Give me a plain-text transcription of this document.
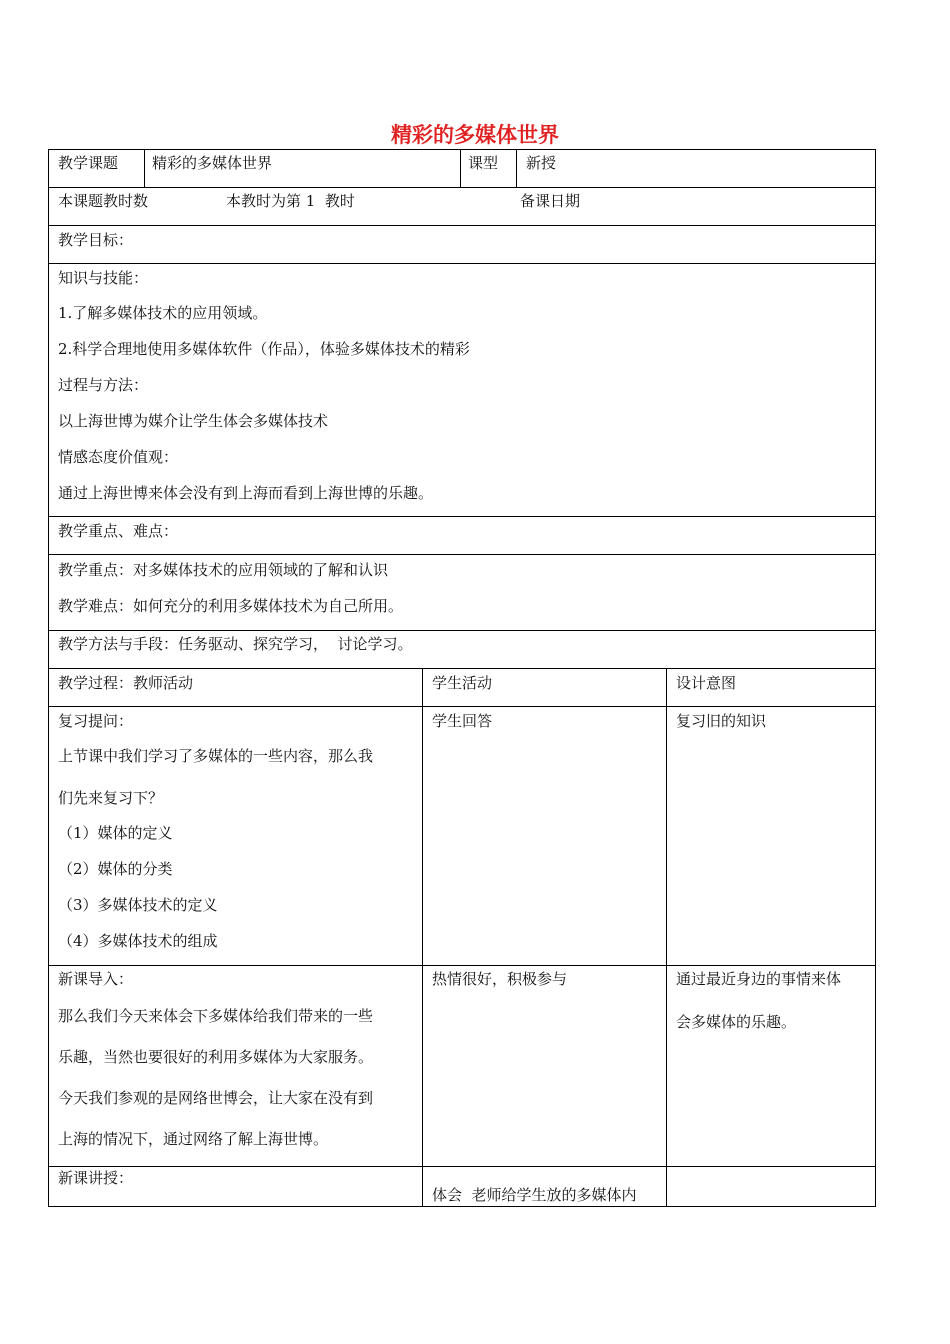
精彩的多媒体世界
教学课题 精彩的多媒体世界	课型 新授
本课题教时数	本教时为第 1  教时	备课日期
教学目标：
知识与技能：
1.了解多媒体技术的应用领域。
2.科学合理地使用多媒体软件（作品），体验多媒体技术的精彩
过程与方法：
以上海世博为媒介让学生体会多媒体技术
情感态度价值观：
通过上海世博来体会没有到上海而看到上海世博的乐趣。
教学重点、难点：
教学重点：对多媒体技术的应用领域的了解和认识
教学难点：如何充分的利用多媒体技术为自己所用。
教学方法与手段：任务驱动、探究学习，  讨论学习。
教学过程：教师活动	学生活动	设计意图
复习提问：
上节课中我们学习了多媒体的一些内容，那么我
们先来复习下？
（1）媒体的定义
（2）媒体的分类
（3）多媒体技术的定义
（4）多媒体技术的组成
学生回答	复习旧的知识
新课导入：
那么我们今天来体会下多媒体给我们带来的一些
乐趣，当然也要很好的利用多媒体为大家服务。
今天我们参观的是网络世博会，让大家在没有到
上海的情况下，通过网络了解上海世博。
热情很好，积极参与	通过最近身边的事情来体
会多媒体的乐趣。
新课讲授：
体会  老师给学生放的多媒体内
